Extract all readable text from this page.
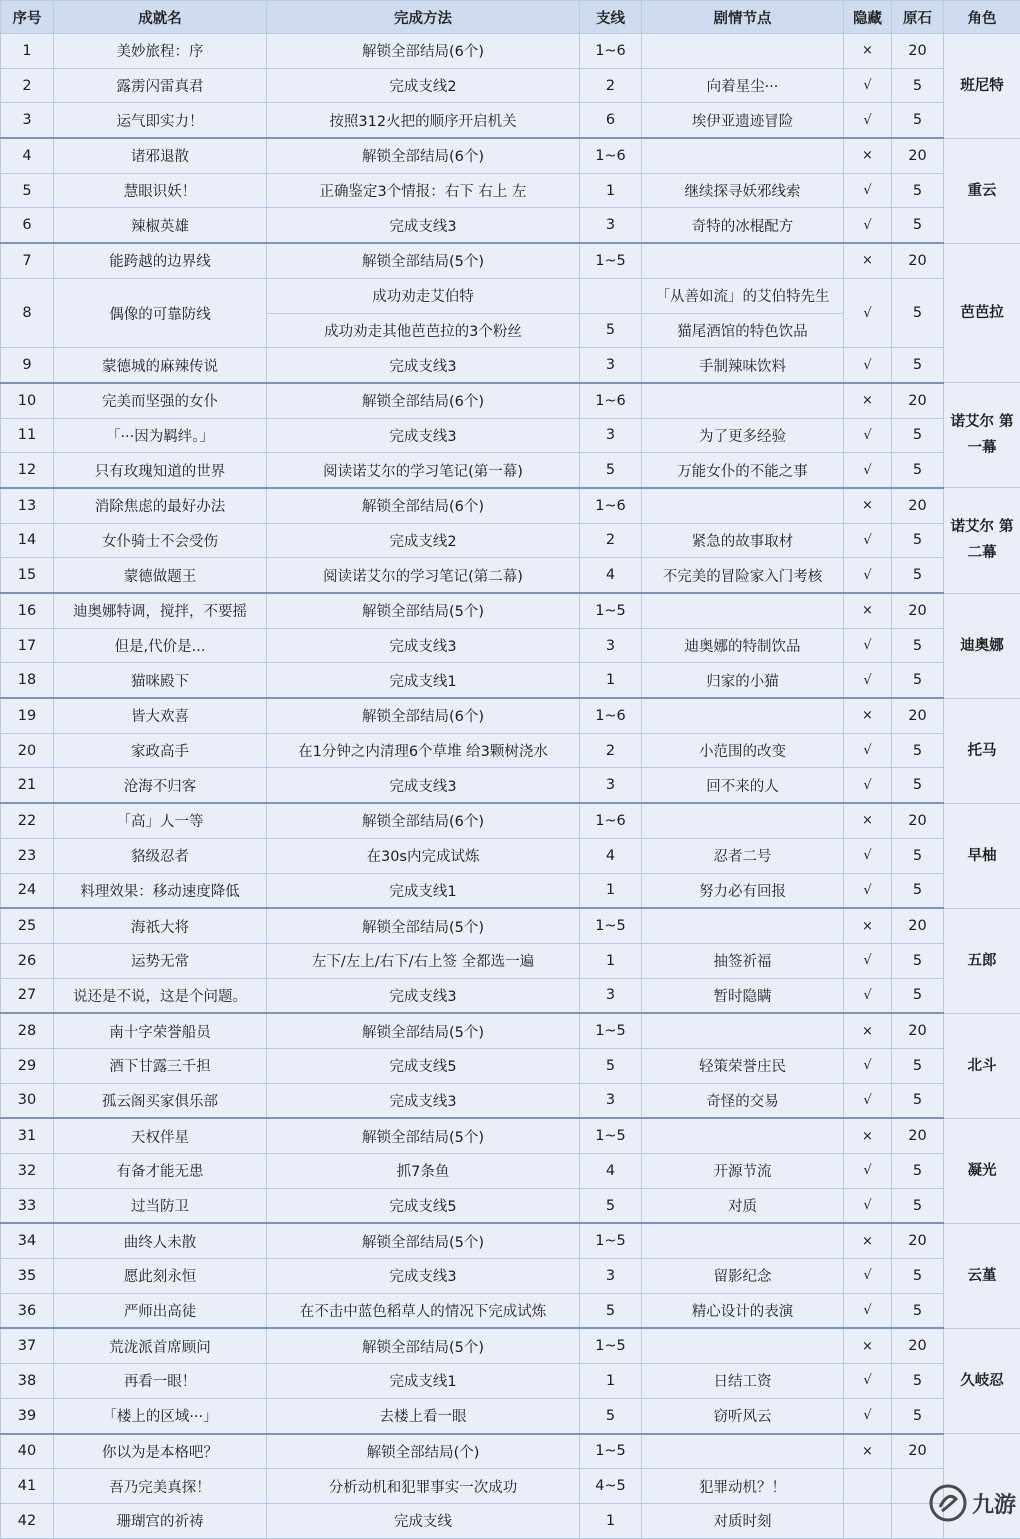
序号	成就名	完成方法	支线	剧情节点	隐藏	原石	角色
1	美妙旅程：序	解锁全部结局(6个)	1~6		×	20	班尼特
2	露雳闪雷真君	完成支线2	2	向着星尘···	√	5	
3	运气即实力！	按照312火把的顺序开启机关	6	埃伊亚遗迹冒险	√	5	
4	诸邪退散	解锁全部结局(6个)	1~6		×	20	重云
5	慧眼识妖！	正确鉴定3个情报：右下 右上 左	1	继续探寻妖邪线索	√	5	
6	辣椒英雄	完成支线3	3	奇特的冰棍配方	√	5	
7	能跨越的边界线	解锁全部结局(5个)	1~5		×	20	芭芭拉
8	偶像的可靠防线	成功劝走艾伯特		「从善如流」的艾伯特先生	√	5	
		成功劝走其他芭芭拉的3个粉丝	5	猫尾酒馆的特色饮品			
9	蒙德城的麻辣传说	完成支线3	3	手制辣味饮料	√	5	
10	完美而坚强的女仆	解锁全部结局(6个)	1~6		×	20	诺艾尔 第一幕
11	「···因为羁绊。」	完成支线3	3	为了更多经验	√	5	
12	只有玫瑰知道的世界	阅读诺艾尔的学习笔记(第一幕)	5	万能女仆的不能之事	√	5	
13	消除焦虑的最好办法	解锁全部结局(6个)	1~6		×	20	诺艾尔 第二幕
14	女仆骑士不会受伤	完成支线2	2	紧急的故事取材	√	5	
15	蒙德做题王	阅读诺艾尔的学习笔记(第二幕)	4	不完美的冒险家入门考核	√	5	
16	迪奥娜特调，搅拌，不要摇	解锁全部结局(5个)	1~5		×	20	迪奥娜
17	但是,代价是...	完成支线3	3	迪奥娜的特制饮品	√	5	
18	猫咪殿下	完成支线1	1	归家的小猫	√	5	
19	皆大欢喜	解锁全部结局(6个)	1~6		×	20	托马
20	家政高手	在1分钟之内清理6个草堆 给3颗树浇水	2	小范围的改变	√	5	
21	沧海不归客	完成支线3	3	回不来的人	√	5	
22	「高」人一等	解锁全部结局(6个)	1~6		×	20	早柚
23	貉级忍者	在30s内完成试炼	4	忍者二号	√	5	
24	料理效果：移动速度降低	完成支线1	1	努力必有回报	√	5	
25	海祇大将	解锁全部结局(5个)	1~5		×	20	五郎
26	运势无常	左下/左上/右下/右上签 全都选一遍	1	抽签祈福	√	5	
27	说还是不说，这是个问题。	完成支线3	3	暂时隐瞒	√	5	
28	南十字荣誉船员	解锁全部结局(5个)	1~5		×	20	北斗
29	酒下甘露三千担	完成支线5	5	轻策荣誉庄民	√	5	
30	孤云阁买家俱乐部	完成支线3	3	奇怪的交易	√	5	
31	天权伴星	解锁全部结局(5个)	1~5		×	20	凝光
32	有备才能无患	抓7条鱼	4	开源节流	√	5	
33	过当防卫	完成支线5	5	对质	√	5	
34	曲终人未散	解锁全部结局(5个)	1~5		×	20	云堇
35	愿此刻永恒	完成支线3	3	留影纪念	√	5	
36	严师出高徒	在不击中蓝色稻草人的情况下完成试炼	5	精心设计的表演	√	5	
37	荒泷派首席顾问	解锁全部结局(5个)	1~5		×	20	久岐忍
38	再看一眼！	完成支线1	1	日结工资	√	5	
39	「楼上的区域···」	去楼上看一眼	5	窃听风云	√	5	
40	你以为是本格吧？	解锁全部结局(个)	1~5		×	20	
41	吾乃完美真探！	分析动机和犯罪事实一次成功	4~5	犯罪动机？！			
42	珊瑚宫的祈祷	完成支线	1	对质时刻			
九游
